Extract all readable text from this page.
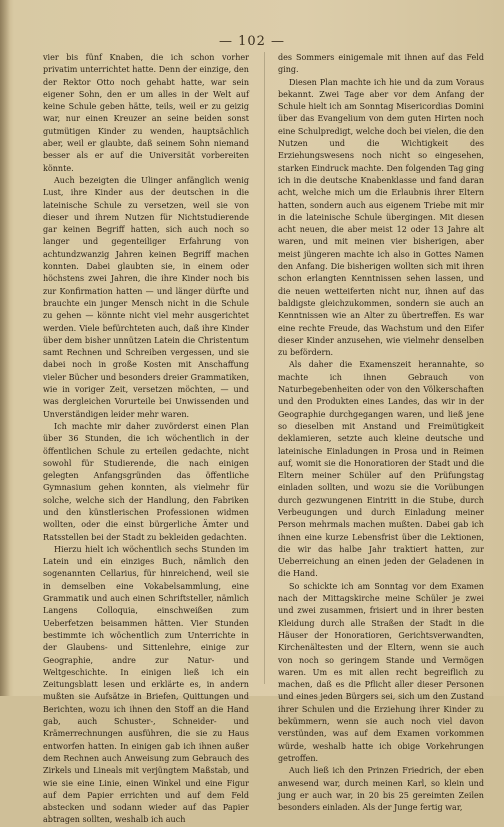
— 102 —

vier bis fünf Knaben, die ich schon vorher privatim unterrichtet hatte. Denn der einzige, den der Rektor Otto noch gehabt hatte, war sein eigener Sohn, den er um alles in der Welt auf keine Schule geben hätte, teils, weil er zu geizig war, nur einen Kreuzer an seine beiden sonst gutmütigen Kinder zu wenden, hauptsächlich aber, weil er glaubte, daß seinem Sohn niemand besser als er auf die Universität vorbereiten könnte.

Auch bezeigten die Ulinger anfänglich wenig Lust, ihre Kinder aus der deutschen in die lateinische Schule zu versetzen, weil sie von dieser und ihrem Nutzen für Nichtstudierende gar keinen Begriff hatten, sich auch noch so langer und gegenteiliger Erfahrung von achtundzwanzig Jahren keinen Begriff machen konnten. Dabei glaubten sie, in einem oder höchstens zwei Jahren, die ihre Kinder noch bis zur Konfirmation hatten — und länger dürfte und brauchte ein junger Mensch nicht in die Schule zu gehen — könnte nicht viel mehr ausgerichtet werden. Viele befürchteten auch, daß ihre Kinder über dem bisher unnützen Latein die Christentum samt Rechnen und Schreiben vergessen, und sie dabei noch in große Kosten mit Anschaffung vieler Bücher und besonders dreier Grammatiken, wie in voriger Zeit, versetzen möchten, — und was dergleichen Vorurteile bei Unwissenden und Unverständigen leider mehr waren.

Ich machte mir daher zuvörderst einen Plan über 36 Stunden, die ich wöchentlich in der öffentlichen Schule zu erteilen gedachte, nicht sowohl für Studierende, die nach einigen gelegten Anfangsgründen das öffentliche Gymnasium gehen konnten, als vielmehr für solche, welche sich der Handlung, den Fabriken und den künstlerischen Professionen widmen wollten, oder die einst bürgerliche Ämter und Ratsstellen bei der Stadt zu bekleiden gedachten.

Hierzu hielt ich wöchentlich sechs Stunden im Latein und ein einziges Buch, nämlich den sogenannten Cellarius, für hinreichend, weil sie in demselben eine Vokabelsammlung, eine Grammatik und auch einen Schriftsteller, nämlich Langens Colloquia, einschweißen zum Ueberfetzen beisammen hätten. Vier Stunden bestimmte ich wöchentlich zum Unterrichte in der Glaubens- und Sittenlehre, einige zur Geographie, andre zur Natur- und Weltgeschichte. In einigen ließ ich ein Zeitungsblatt lesen und erklärte es, in andern mußten sie Aufsätze in Briefen, Quittungen und Berichten, wozu ich ihnen den Stoff an die Hand gab, auch Schuster-, Schneider- und Krämerrechnungen ausführen, die sie zu Haus entworfen hatten. In einigen gab ich ihnen außer dem Rechnen auch Anweisung zum Gebrauch des Zirkels und Lineals mit verjüngtem Maßstab, und wie sie eine Linie, einen Winkel und eine Figur auf dem Papier errichten und auf dem Feld abstecken und sodann wieder auf das Papier abtragen sollten, weshalb ich auch

des Sommers einigemale mit ihnen auf das Feld ging.

Diesen Plan machte ich hie und da zum Voraus bekannt. Zwei Tage aber vor dem Anfang der Schule hielt ich am Sonntag Misericordias Domini über das Evangelium von dem guten Hirten noch eine Schulpredigt, welche doch bei vielen, die den Nutzen und die Wichtigkeit des Erziehungswesens noch nicht so eingesehen, starken Eindruck machte. Den folgenden Tag ging ich in die deutsche Knabenklasse und fand daran acht, welche mich um die Erlaubnis ihrer Eltern hatten, sondern auch aus eigenem Triebe mit mir in die lateinische Schule übergingen. Mit diesen acht neuen, die aber meist 12 oder 13 Jahre alt waren, und mit meinen vier bisherigen, aber meist jüngeren machte ich also in Gottes Namen den Anfang. Die bisherigen wollten sich mit ihren schon erlangten Kenntnissen sehen lassen, und die neuen wetteiferten nicht nur, ihnen auf das baldigste gleichzukommen, sondern sie auch an Kenntnissen wie an Alter zu übertreffen. Es war eine rechte Freude, das Wachstum und den Eifer dieser Kinder anzusehen, wie vielmehr denselben zu befördern.

Als daher die Examenszeit herannahte, so machte ich ihnen Gebrauch von Naturbegebenheiten oder von den Völkerschaften und den Produkten eines Landes, das wir in der Geographie durchgegangen waren, und ließ jene so dieselben mit Anstand und Freimütigkeit deklamieren, setzte auch kleine deutsche und lateinische Einladungen in Prosa und in Reimen auf, womit sie die Honoratioren der Stadt und die Eltern meiner Schüler auf den Prüfungstag einladen sollten, und wozu sie die Vorübungen durch gezwungenen Eintritt in die Stube, durch Verbeugungen und durch Einladung meiner Person mehrmals machen mußten. Dabei gab ich ihnen eine kurze Lebensfrist über die Lektionen, die wir das halbe Jahr traktiert hatten, zur Ueberreichung an einen jeden der Geladenen in die Hand.

So schickte ich am Sonntag vor dem Examen nach der Mittagskirche meine Schüler je zwei und zwei zusammen, frisiert und in ihrer besten Kleidung durch alle Straßen der Stadt in die Häuser der Honoratioren, Gerichtsverwandten, Kirchenältesten und der Eltern, wenn sie auch von noch so geringem Stande und Vermögen waren. Um es mit allen recht begreiflich zu machen, daß es die Pflicht aller dieser Personen und eines jeden Bürgers sei, sich um den Zustand ihrer Schulen und die Erziehung ihrer Kinder zu bekümmern, wenn sie auch noch viel davon verstünden, was auf dem Examen vorkommen würde, weshalb hatte ich obige Vorkehrungen getroffen.

Auch ließ ich den Prinzen Friedrich, der eben anwesend war, durch meinen Karl, so klein und jung er auch war, in 20 bis 25 gereimten Zeilen besonders einladen. Als der Junge fertig war,
